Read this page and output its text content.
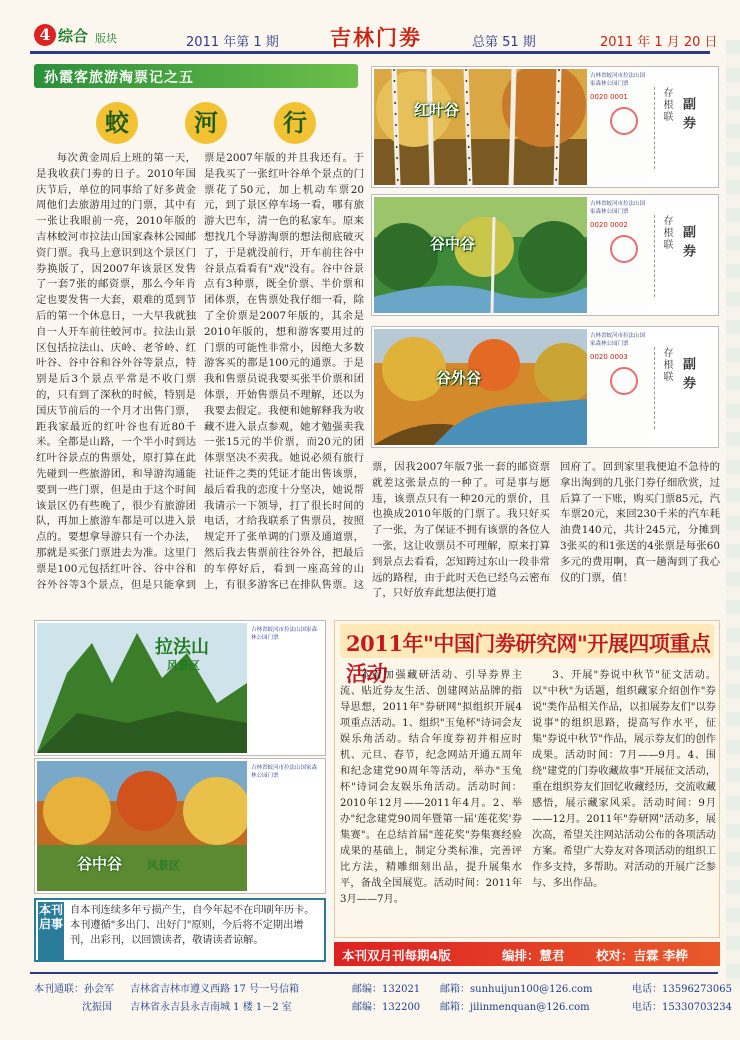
4 综合 版块	2011 年第 1 期 吉林门劵	总第 51 期	2011 年 1 月 20 日
孙霞客旅游淘票记之五
蛟	河	行

每次黄金周后上班的第一天，是我收获门劵的日子。2010年国庆节后，单位的同事给了好多黄金周他们去旅游用过的门票，其中有一张让我眼前一亮，2010年版的吉林蛟河市拉法山国家森林公园邮资门票。我马上意识到这个景区门券换版了，因2007年该景区发售了一套7张的邮资票，那么今年肯定也要发售一大套，艰难的觅到节后的第一个休息日，一大早我就独自一人开车前往蛟河市。拉法山景区包括拉法山、庆岭、老爷岭、红叶谷、谷中谷和谷外谷等景点，特别是后3个景点平常是不收门票的，只有到了深秋的时候，特别是国庆节前后的一个月才出售门票，距我家最近的红叶谷也有近80千米。全都是山路，一个半小时到达红叶谷景点的售票处，原打算在此先碰到一些旅游团，和导游沟通能要到一些门票，但是由于这个时间该景区仍有些晚了，很少有旅游团队，再加上旅游车都是可以进入景点的。要想拿导游只有一个办法，那就是买张门票进去为准。这里门票是100元包括红叶谷、谷中谷和谷外谷等3个景点，但是只能拿到

票是2007年版的并且我还有。于是我买了一张红叶谷单个景点的门票花了50元，加上机动车票20元，到了景区停车场一看，哪有旅游大巴车，清一色的私家车。原来想找几个导游淘票的想法彻底破灭了，于是就没前行，开车前往谷中谷景点看看有"戏"没有。谷中谷景点有3种票，既全价票、半价票和团体票，在售票处我仔细一看，除了全价票是2007年版的，其余是2010年版的，想和游客要用过的门票的可能性非常小，因绝大多数游客买的都是100元的通票。于是我和售票员说我要买张半价票和团体票，开始售票员不理解，还以为我要去假定。我便和她解释我为收藏不进入景点参观，她才勉强卖我一张15元的半价票，而20元的团体票坚决不卖我。她说必须有旅行社证件之类的凭证才能出售该票，最后看我的恋度十分坚决，她说帮我请示一下领导，打了很长时间的电话，才给我联系了售票员，按照规定开了张单调的门票及通道票，然后我去售票前往谷外谷，把最后的车停好后，看到一座高耸的山上，有很多游客已在排队售票。这

票，因我2007年版7张一套的邮资票就差这张景点的一种了。可是事与愿违，该票点只有一种20元的票价，且也换成2010年版的门票了。我只好买了一张，为了保证不拥有该票的各位人一张，这让收票员不可理解，原来打算到景点去看看，怎知跨过东山一段非常远的路程，由于此时天色已经乌云密布了，只好放弃此想法便打道

回府了。回到家里我便迫不急待的拿出淘到的几张门券仔细欣赏，过后算了一下账，购买门票85元，汽车票20元，来回230千米的汽车耗油费140元，共计245元，分摊到3张买的和1张送的4张票是每张60多元的费用啊，真一趟淘到了我心仪的门票，值！

红叶谷
吉林省蛟河市拉法山国家森林公园门票
0020 0001	存根联 副券
谷中谷
吉林省蛟河市拉法山国家森林公园门票
0020 0002	存根联 副券
谷外谷
吉林省蛟河市拉法山国家森林公园门票
0020 0003	存根联 副券
拉法山
风景区
吉林省蛟河市拉法山国家森林公园门票
谷中谷 风景区
吉林省蛟河市拉法山国家森林公园门票
2011年"中国门劵研究网"开展四项重点活动

本着加强藏研活动、引导券界主流、贴近券友生活、创建网站品牌的指导思想，2011年"券研网"拟组织开展4项重点活动。1、组织"玉兔杯"诗词会友娱乐角活动。结合年度券初并相应时机、元旦、春节，纪念网站开通五周年和纪念建党90周年等活动，举办"玉兔杯"诗词会友娱乐角活动。活动时间：2010年12月——2011年4月。2、举办"纪念建党90周年暨第一届'莲花奖'券集赛"。在总结首届"莲花奖"券集赛经验成果的基础上，制定分类标准，完善评比方法，精雕细刻出品，提升展集水平，备战全国展览。活动时间：2011年3月——7月。

3、开展"券说中秋节"征文活动。以"中秋"为话题，组织藏家介绍创作"券说"类作品相关作品，以扣展券友们"以券说事"的组织思路，提高写作水平，征集"券说中秋节"作品，展示券友们的创作成果。活动时间：7月——9月。4、围绕"建党的门券收藏故事"开展征文活动，重在组织券友们回忆收藏经历，交流收藏感悟，展示藏家风采。活动时间：9月——12月。2011年"券研网"活动多，展次高，希望关注网站活动公布的各项活动方案。希望广大券友对各项活动的组织工作多支持，多帮助。对活动的开展广泛参与、多出作品。

本刊启事
自本刊连续多年亏损产生，自今年起不在印刷年历卡。本刊遵循"多出门、出好门"原则，今后将不定期出增刊，出彩刊，以回馈读者，敬请读者谅解。
本刊双月刊每期4版	编排：慧君	校对：吉霖 李桦
本刊通联：孙会军 吉林省吉林市遵义西路 17 号一号信箱	邮编：132021 邮箱：sunhuijun100@126.com	电话：13596273065
沈振国 吉林省永吉县永吉南城 1 楼 1－2 室	邮编：132200 邮箱：jilinmenquan@126.com	电话：15330703234
